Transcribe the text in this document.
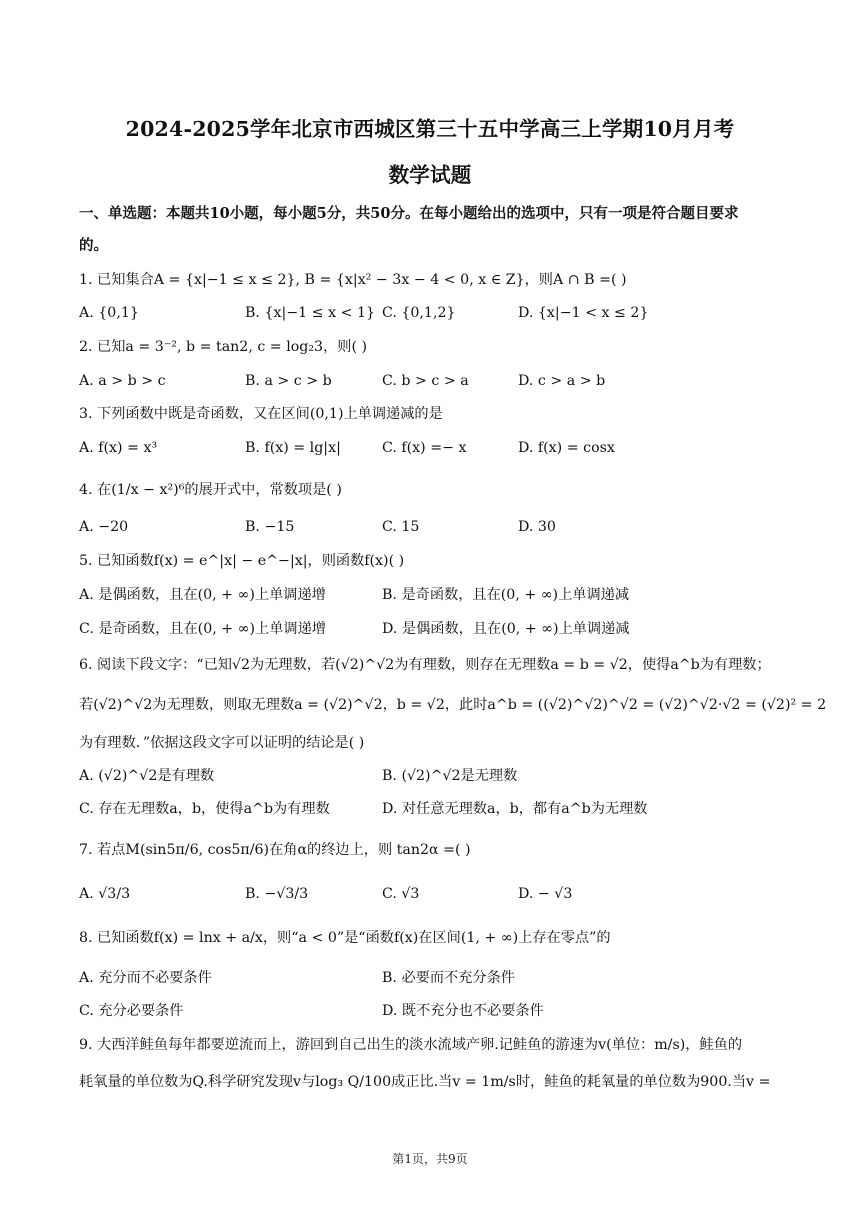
2024-2025学年北京市西城区第三十五中学高三上学期10月月考
数学试题
一、单选题：本题共10小题，每小题5分，共50分。在每小题给出的选项中，只有一项是符合题目要求
的。
1. 已知集合A = {x|−1 ≤ x ≤ 2}, B = {x|x² − 3x − 4 < 0, x ∈ Z}，则A ∩ B =( )
A. {0,1}	B. {x|−1 ≤ x < 1} C. {0,1,2}	D. {x|−1 < x ≤ 2}
2. 已知a = 3⁻², b = tan2, c = log₂3，则( )
A. a > b > c	B. a > c > b	C. b > c > a	D. c > a > b
3. 下列函数中既是奇函数，又在区间(0,1)上单调递减的是
A. f(x) = x³	B. f(x) = lg|x|	C. f(x) =− x	D. f(x) = cosx
4. 在(1/x − x²)⁶的展开式中，常数项是( )
A. −20	B. −15	C. 15	D. 30
5. 已知函数f(x) = e^|x| − e^−|x|，则函数f(x)( )
A. 是偶函数，且在(0, + ∞)上单调递增	B. 是奇函数，且在(0, + ∞)上单调递减
C. 是奇函数，且在(0, + ∞)上单调递增	D. 是偶函数，且在(0, + ∞)上单调递减
6. 阅读下段文字：“已知√2为无理数，若(√2)^√2为有理数，则存在无理数a = b = √2，使得a^b为有理数；
若(√2)^√2为无理数，则取无理数a = (√2)^√2，b = √2，此时a^b = ((√2)^√2)^√2 = (√2)^√2·√2 = (√2)² = 2
为有理数．”依据这段文字可以证明的结论是( )
A. (√2)^√2是有理数	B. (√2)^√2是无理数
C. 存在无理数a，b，使得a^b为有理数	D. 对任意无理数a，b，都有a^b为无理数
7. 若点M(sin5π/6, cos5π/6)在角α的终边上，则 tan2α =( )
A. √3/3	B. −√3/3	C. √3	D. − √3
8. 已知函数f(x) = lnx + a/x，则“a < 0”是“函数f(x)在区间(1, + ∞)上存在零点”的
A. 充分而不必要条件	B. 必要而不充分条件
C. 充分必要条件	D. 既不充分也不必要条件
9. 大西洋鲑鱼每年都要逆流而上，游回到自己出生的淡水流域产卵.记鲑鱼的游速为v(单位：m/s)，鲑鱼的
耗氧量的单位数为Q.科学研究发现v与log₃ Q/100成正比.当v = 1m/s时，鲑鱼的耗氧量的单位数为900.当v =
第1页，共9页
